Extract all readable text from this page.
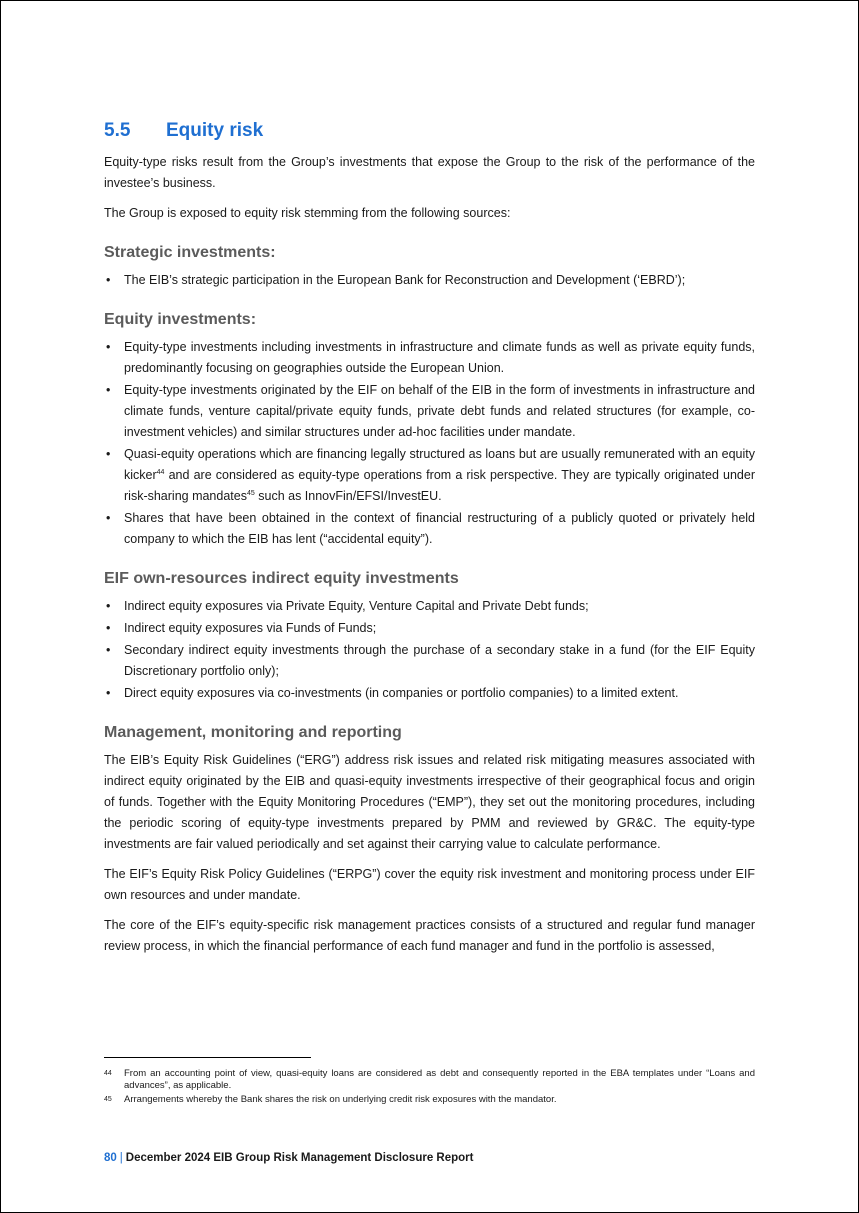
5.5	Equity risk

Equity-type risks result from the Group’s investments that expose the Group to the risk of the performance of the investee’s business.

The Group is exposed to equity risk stemming from the following sources:

Strategic investments:
• The EIB’s strategic participation in the European Bank for Reconstruction and Development (‘EBRD’);
Equity investments:
• Equity-type investments including investments in infrastructure and climate funds as well as private equity funds, predominantly focusing on geographies outside the European Union.
• Equity-type investments originated by the EIF on behalf of the EIB in the form of investments in infrastructure and climate funds, venture capital/private equity funds, private debt funds and related structures (for example, co-investment vehicles) and similar structures under ad-hoc facilities under mandate.
• Quasi-equity operations which are financing legally structured as loans but are usually remunerated with an equity kicker$^{44}$ and are considered as equity-type operations from a risk perspective. They are typically originated under risk-sharing mandates$^{45}$ such as InnovFin/EFSI/InvestEU.
• Shares that have been obtained in the context of financial restructuring of a publicly quoted or privately held company to which the EIB has lent (“accidental equity”).
EIF own-resources indirect equity investments
• Indirect equity exposures via Private Equity, Venture Capital and Private Debt funds;
• Indirect equity exposures via Funds of Funds;
• Secondary indirect equity investments through the purchase of a secondary stake in a fund (for the EIF Equity Discretionary portfolio only);
• Direct equity exposures via co-investments (in companies or portfolio companies) to a limited extent.
Management, monitoring and reporting

The EIB’s Equity Risk Guidelines (“ERG”) address risk issues and related risk mitigating measures associated with indirect equity originated by the EIB and quasi-equity investments irrespective of their geographical focus and origin of funds. Together with the Equity Monitoring Procedures (“EMP”), they set out the monitoring procedures, including the periodic scoring of equity-type investments prepared by PMM and reviewed by GR&C. The equity-type investments are fair valued periodically and set against their carrying value to calculate performance.

The EIF’s Equity Risk Policy Guidelines (“ERPG”) cover the equity risk investment and monitoring process under EIF own resources and under mandate.

The core of the EIF’s equity-specific risk management practices consists of a structured and regular fund manager review process, in which the financial performance of each fund manager and fund in the portfolio is assessed,

44	From an accounting point of view, quasi-equity loans are considered as debt and consequently reported in the EBA templates under “Loans and advances”, as applicable.
45	Arrangements whereby the Bank shares the risk on underlying credit risk exposures with the mandator.
80 | December 2024 EIB Group Risk Management Disclosure Report
